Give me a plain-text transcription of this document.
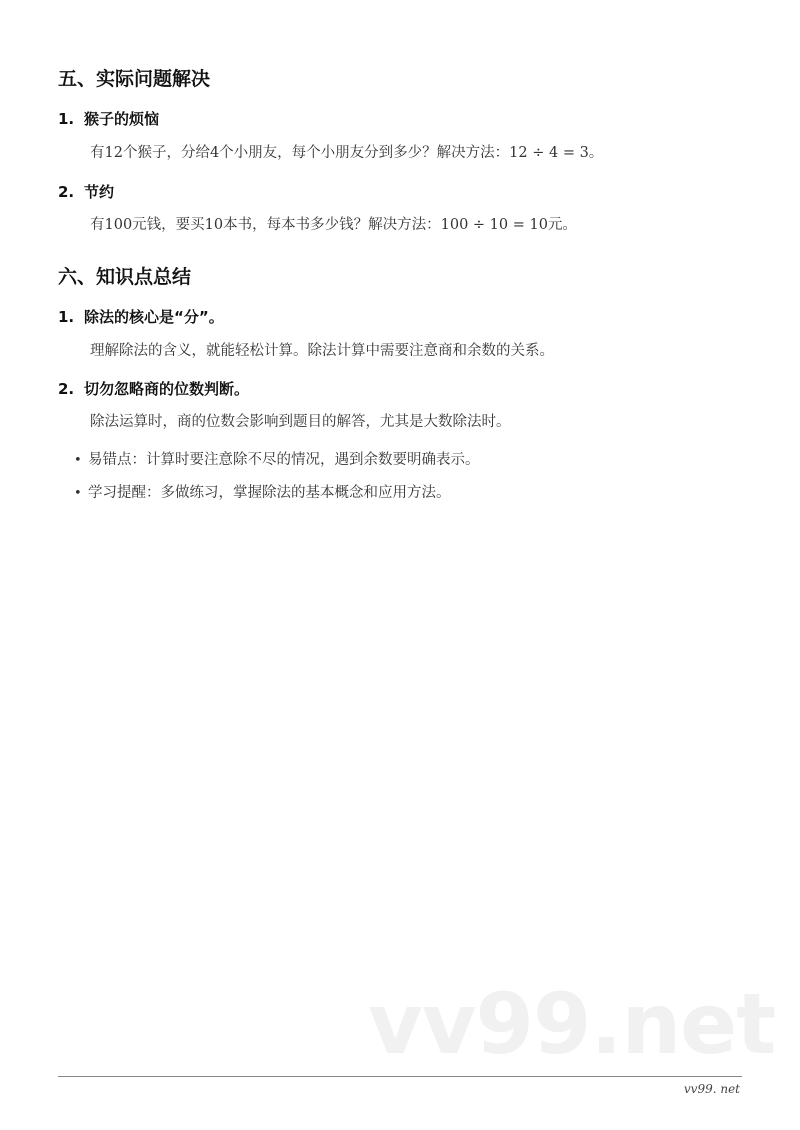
五、实际问题解决
1. 猴子的烦恼
有12个猴子，分给4个小朋友，每个小朋友分到多少？解决方法：12 ÷ 4 = 3。
2. 节约
有100元钱，要买10本书，每本书多少钱？解决方法：100 ÷ 10 = 10元。
六、知识点总结
1. 除法的核心是“分”。
理解除法的含义，就能轻松计算。除法计算中需要注意商和余数的关系。
2. 切勿忽略商的位数判断。
除法运算时，商的位数会影响到题目的解答，尤其是大数除法时。
• 易错点：计算时要注意除不尽的情况，遇到余数要明确表示。
• 学习提醒：多做练习，掌握除法的基本概念和应用方法。
vv99.net
vv99. net
